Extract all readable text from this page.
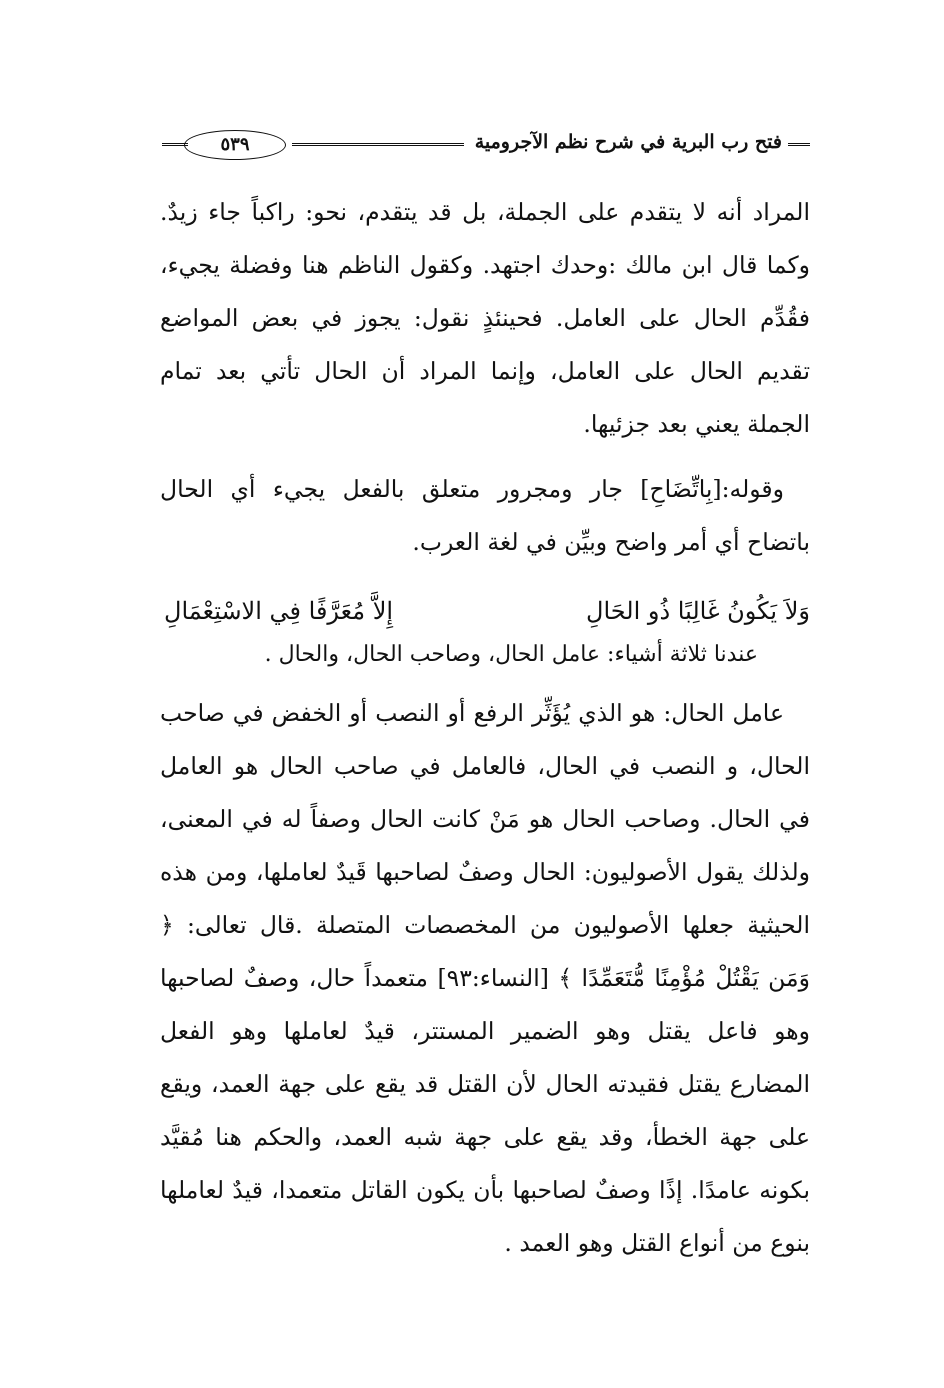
فتح رب البرية في شرح نظم الآجرومية
٥٣٩

المراد أنه لا يتقدم على الجملة، بل قد يتقدم، نحو: راكباً جاء زيدٌ. وكما قال ابن مالك :وحدك اجتهد. وكقول الناظم هنا وفضلة يجيء، فقُدِّم الحال على العامل. فحينئذٍ نقول: يجوز في بعض المواضع تقديم الحال على العامل، وإنما المراد أن الحال تأتي بعد تمام الجملة يعني بعد جزئيها.

وقوله:[بِاتِّضَاحِ] جار ومجرور متعلق بالفعل يجيء أي الحال باتضاح أي أمر واضح وبيِّن في لغة العرب.

وَلاَ يَكُونُ غَالِبًا ذُو الحَالِ
إِلاَّ مُعَرَّفًا فِي الاسْتِعْمَالِ

عندنا ثلاثة أشياء: عامل الحال، وصاحب الحال، والحال .

عامل الحال: هو الذي يُؤَثِّر الرفع أو النصب أو الخفض في صاحب الحال، و النصب في الحال، فالعامل في صاحب الحال هو العامل في الحال. وصاحب الحال هو مَنْ كانت الحال وصفاً له في المعنى، ولذلك يقول الأصوليون: الحال وصفٌ لصاحبها قَيدٌ لعاملها، ومن هذه الحيثية جعلها الأصوليون من المخصصات المتصلة .قال تعالى: ﴿ وَمَن يَقْتُلْ مُؤْمِنًا مُّتَعَمِّدًا ﴾ [النساء:٩٣] متعمداً حال، وصفٌ لصاحبها وهو فاعل يقتل وهو الضمير المستتر، قيدٌ لعاملها وهو الفعل المضارع يقتل فقيدته الحال لأن القتل قد يقع على جهة العمد، ويقع على جهة الخطأ، وقد يقع على جهة شبه العمد، والحكم هنا مُقيَّد بكونه عامدًا. إذًا وصفٌ لصاحبها بأن يكون القاتل متعمدا، قيدٌ لعاملها بنوع من أنواع القتل وهو العمد .
